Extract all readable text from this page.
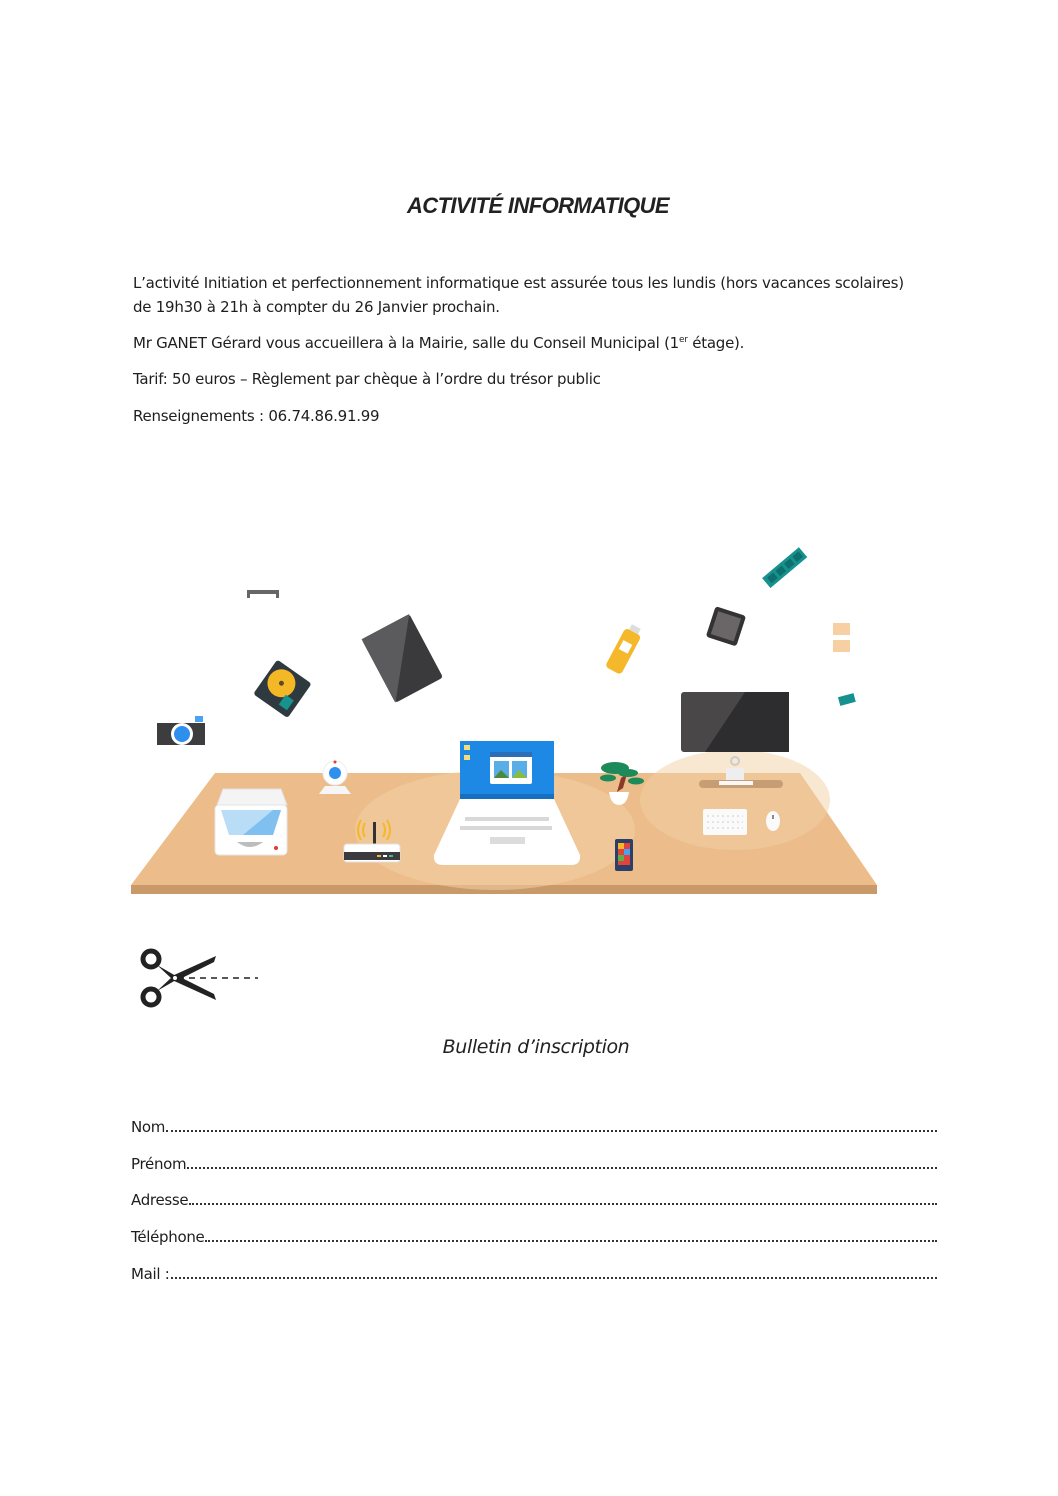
ACTIVITÉ INFORMATIQUE
L’activité Initiation et perfectionnement informatique est assurée tous les lundis (hors vacances scolaires)
de 19h30 à 21h à compter du 26 Janvier prochain.
Mr GANET Gérard vous accueillera à la Mairie, salle du Conseil Municipal (1er étage).
Tarif: 50 euros – Règlement par chèque à l’ordre du trésor public
Renseignements : 06.74.86.91.99
Bulletin d’inscription
Nom
Prénom
Adresse
Téléphone
Mail :
